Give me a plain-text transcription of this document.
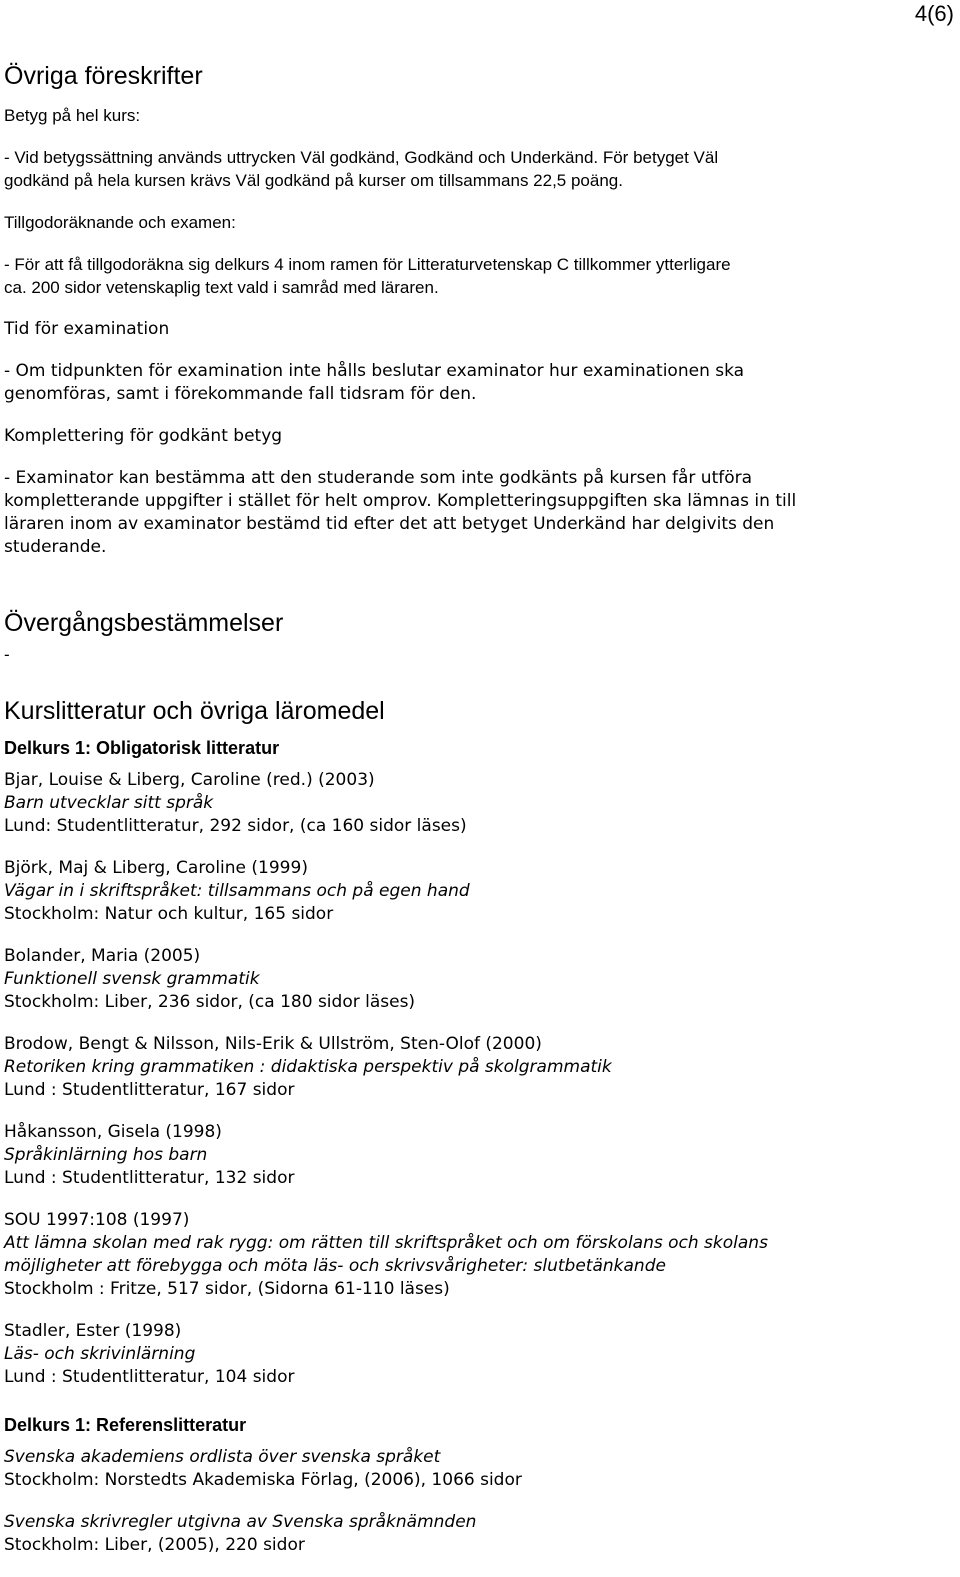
4(6)
Övriga föreskrifter

Betyg på hel kurs:

- Vid betygssättning används uttrycken Väl godkänd, Godkänd och Underkänd. För betyget Väl

godkänd på hela kursen krävs Väl godkänd på kurser om tillsammans 22,5 poäng.

Tillgodoräknande och examen:

- För att få tillgodoräkna sig delkurs 4 inom ramen för Litteraturvetenskap C tillkommer ytterligare

ca. 200 sidor vetenskaplig text vald i samråd med läraren.

Tid för examination

- Om tidpunkten för examination inte hålls beslutar examinator hur examinationen ska

genomföras, samt i förekommande fall tidsram för den.

Komplettering för godkänt betyg

- Examinator kan bestämma att den studerande som inte godkänts på kursen får utföra

kompletterande uppgifter i stället för helt omprov. Kompletteringsuppgiften ska lämnas in till

läraren inom av examinator bestämd tid efter det att betyget Underkänd har delgivits den

studerande.

Övergångsbestämmelser

-

Kurslitteratur och övriga läromedel
Delkurs 1: Obligatorisk litteratur

Bjar, Louise & Liberg, Caroline (red.) (2003)

Barn utvecklar sitt språk

Lund: Studentlitteratur, 292 sidor, (ca 160 sidor läses)

Björk, Maj & Liberg, Caroline (1999)

Vägar in i skriftspråket: tillsammans och på egen hand

Stockholm: Natur och kultur, 165 sidor

Bolander, Maria (2005)

Funktionell svensk grammatik

Stockholm: Liber, 236 sidor, (ca 180 sidor läses)

Brodow, Bengt & Nilsson, Nils-Erik & Ullström, Sten-Olof (2000)

Retoriken kring grammatiken : didaktiska perspektiv på skolgrammatik

Lund : Studentlitteratur, 167 sidor

Håkansson, Gisela (1998)

Språkinlärning hos barn

Lund : Studentlitteratur, 132 sidor

SOU 1997:108 (1997)

Att lämna skolan med rak rygg: om rätten till skriftspråket och om förskolans och skolans

möjligheter att förebygga och möta läs- och skrivsvårigheter: slutbetänkande

Stockholm : Fritze, 517 sidor, (Sidorna 61-110 läses)

Stadler, Ester (1998)

Läs- och skrivinlärning

Lund : Studentlitteratur, 104 sidor

Delkurs 1: Referenslitteratur

Svenska akademiens ordlista över svenska språket

Stockholm: Norstedts Akademiska Förlag, (2006), 1066 sidor

Svenska skrivregler utgivna av Svenska språknämnden

Stockholm: Liber, (2005), 220 sidor
